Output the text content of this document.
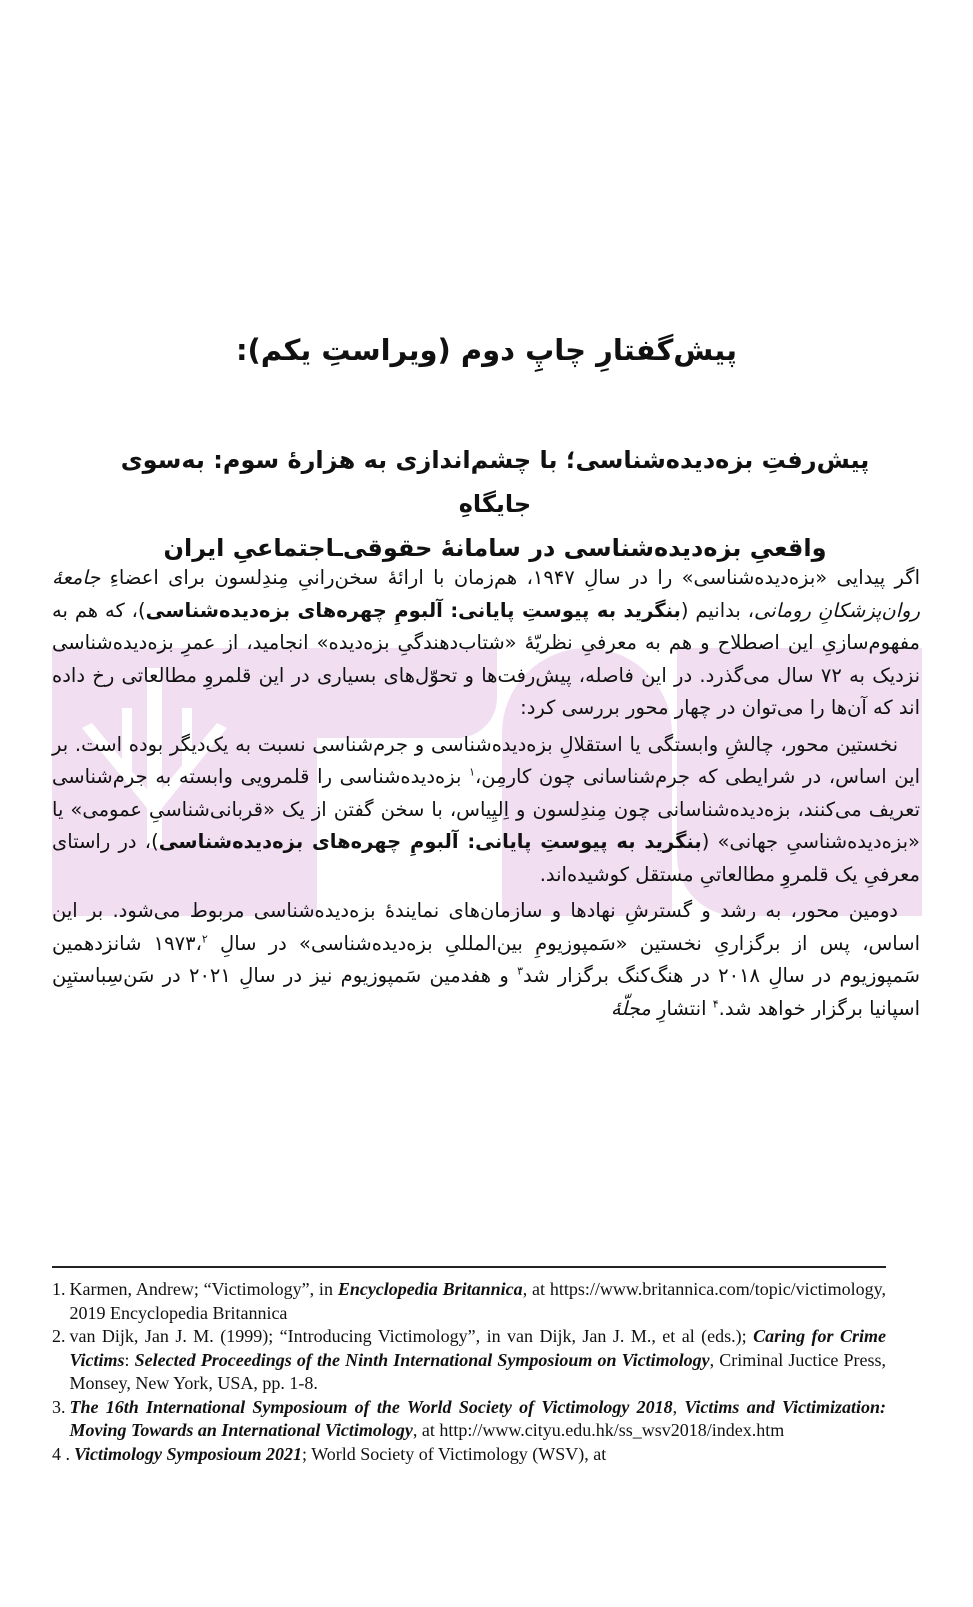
پیش‌گفتارِ چاپِ دوم (ویراستِ یکم):
پیش‌رفتِ بزه‌دیده‌شناسی؛ با چشم‌اندازی به هزارهٔ سوم: به‌سوی جایگاهِ
واقعیِ بزه‌دیده‌شناسی در سامانهٔ حقوقی‌ـاجتماعیِ ایران

اگر پیدایی «بزه‌دیده‌شناسی» را در سالِ ۱۹۴۷، هم‌زمان با ارائهٔ سخن‌رانیِ مِندِلسون برای اعضاءِ جامعهٔ روان‌پزشکانِ رومانی، بدانیم (بنگرید به پیوستِ پایانی: آلبومِ چهره‌های بزه‌دیده‌شناسی)، که هم به مفهوم‌سازیِ این اصطلاح و هم به معرفیِ نظریّهٔ «شتاب‌دهندگیِ بزه‌دیده» انجامید، از عمرِ بزه‌دیده‌شناسی نزدیک به ۷۲ سال می‌گذرد. در این فاصله، پیش‌رفت‌ها و تحوّل‌های بسیاری در این قلمروِ مطالعاتی رخ داده اند که آن‌ها را می‌توان در چهار محور بررسی کرد:

نخستین محور، چالشِ وابستگی یا استقلالِ بزه‌دیده‌شناسی و جرم‌شناسی نسبت به یک‌دیگر بوده است. بر این اساس، در شرایطی که جرم‌شناسانی چون کارمِن،$^۱$ بزه‌دیده‌شناسی را قلمرویی وابسته به جرم‌شناسی تعریف می‌کنند، بزه‌دیده‌شناسانی چون مِندِلسون و اِلیِیاس، با سخن گفتن از یک «قربانی‌شناسیِ عمومی» یا «بزه‌دیده‌شناسیِ جهانی» (بنگرید به پیوستِ پایانی: آلبومِ چهره‌های بزه‌دیده‌شناسی)، در راستای معرفیِ یک قلمروِ مطالعاتیِ مستقل کوشیده‌اند.

دومین محور، به رشد و گسترشِ نهادها و سازمان‌های نمایندهٔ بزه‌دیده‌شناسی مربوط می‌شود. بر این اساس، پس از برگزاریِ نخستین «سَمپوزیومِ بین‌المللیِ بزه‌دیده‌شناسی» در سالِ ۱۹۷۳،$^۲$ شانزدهمین سَمپوزیوم در سالِ ۲۰۱۸ در هنگ‌کنگ برگزار شد$^۳$ و هفدمین سَمپوزیوم نیز در سالِ ۲۰۲۱ در سَن‌سِباستیِن اسپانیا برگزار خواهد شد.$^۴$ انتشارِ مجلّهٔ

1. Karmen, Andrew; “Victimology”, in Encyclopedia Britannica, at https://www.britannica.com/topic/victimology, 2019 Encyclopedia Britannica
2. van Dijk, Jan J. M. (1999); “Introducing Victimology”, in van Dijk, Jan J. M., et al (eds.); Caring for Crime Victims: Selected Proceedings of the Ninth International Symposioum on Victimology, Criminal Juctice Press, Monsey, New York, USA, pp. 1-8.
3. The 16th International Symposioum of the World Society of Victimology 2018, Victims and Victimization: Moving Towards an International Victimology, at http://www.cityu.edu.hk/ss_wsv2018/index.htm
4 . Victimology Symposioum 2021; World Society of Victimology (WSV), at
